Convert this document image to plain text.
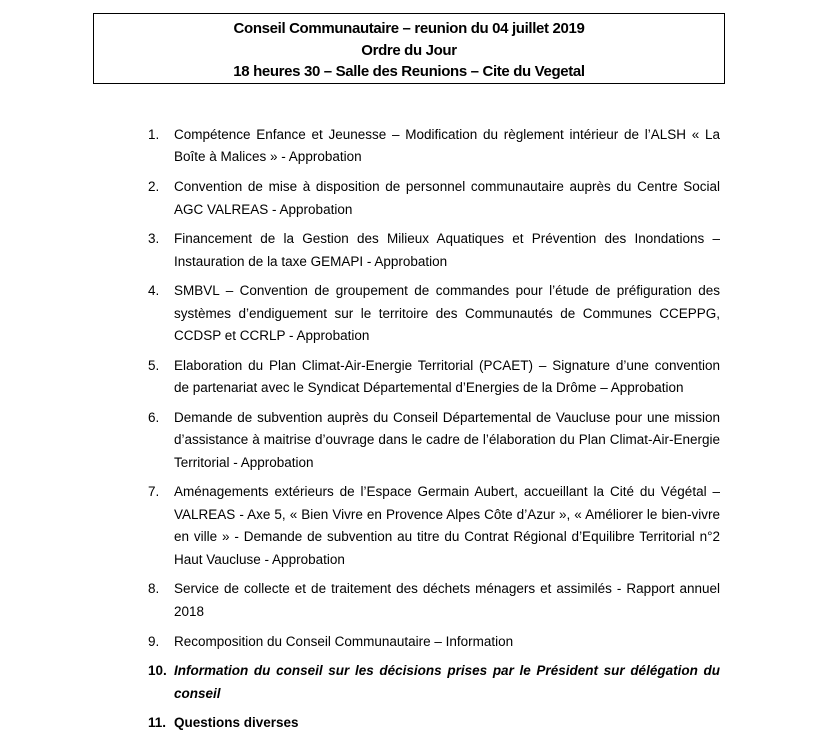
Conseil Communautaire – reunion du 04 juillet 2019
Ordre du Jour
18 heures 30 – Salle des Reunions – Cite du Vegetal
1.	Compétence Enfance et Jeunesse – Modification du règlement intérieur de l’ALSH « La Boîte à Malices » - Approbation
2.	Convention de mise à disposition de personnel communautaire auprès du Centre Social AGC VALREAS - Approbation
3.	Financement de la Gestion des Milieux Aquatiques et Prévention des Inondations – Instauration de la taxe GEMAPI - Approbation
4.	SMBVL – Convention de groupement de commandes pour l’étude de préfiguration des systèmes d’endiguement sur le territoire des Communautés de Communes CCEPPG, CCDSP et CCRLP - Approbation
5.	Elaboration du Plan Climat-Air-Energie Territorial (PCAET) – Signature d’une convention de partenariat avec le Syndicat Départemental d’Energies de la Drôme – Approbation
6.	Demande de subvention auprès du Conseil Départemental de Vaucluse pour une mission d’assistance à maitrise d’ouvrage dans le cadre de l’élaboration du Plan Climat-Air-Energie Territorial - Approbation
7.	Aménagements extérieurs de l’Espace Germain Aubert, accueillant la Cité du Végétal – VALREAS - Axe 5, « Bien Vivre en Provence Alpes Côte d’Azur », « Améliorer le bien-vivre en ville » - Demande de subvention au titre du Contrat Régional d’Equilibre Territorial n°2 Haut Vaucluse - Approbation
8.	Service de collecte et de traitement des déchets ménagers et assimilés - Rapport annuel 2018
9.	Recomposition du Conseil Communautaire – Information
10. Information du conseil sur les décisions prises par le Président sur délégation du conseil
11. Questions diverses
